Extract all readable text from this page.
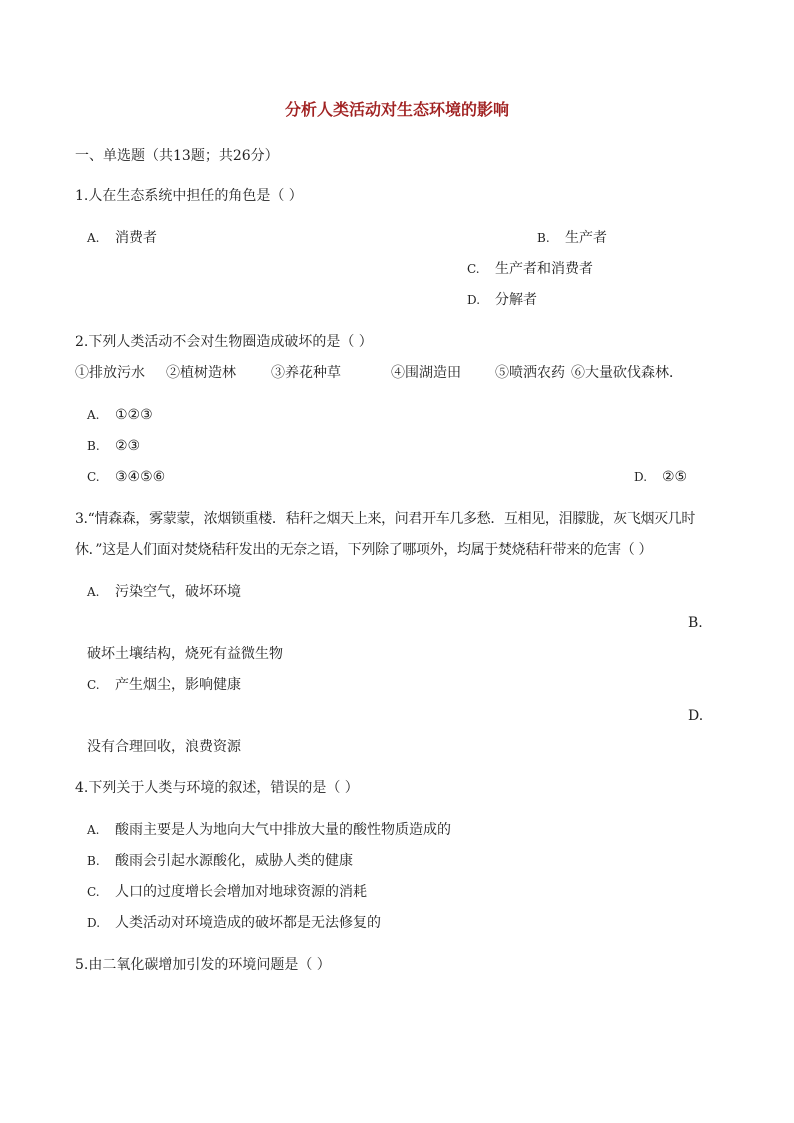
分析人类活动对生态环境的影响
一、单选题（共13题；共26分）
1.人在生态系统中担任的角色是（ ）
A. 消费者	B. 生产者
C. 生产者和消费者
D. 分解者
2.下列人类活动不会对生物圈造成破坏的是（ ）
①排放污水 ②植树造林	③养花种草	④围湖造田 ⑤喷洒农药 ⑥大量砍伐森林．
A. ①②③
B. ②③
C. ③④⑤⑥	D. ②⑤
3.“情森森，雾蒙蒙，浓烟锁重楼．秸秆之烟天上来，问君开车几多愁．互相见，泪朦胧，灰飞烟灭几时
休．”这是人们面对焚烧秸秆发出的无奈之语，下列除了哪项外，均属于焚烧秸秆带来的危害（ ）
A. 污染空气，破坏环境
B.
破坏土壤结构，烧死有益微生物
C. 产生烟尘，影响健康
D.
没有合理回收，浪费资源
4.下列关于人类与环境的叙述，错误的是（ ）
A. 酸雨主要是人为地向大气中排放大量的酸性物质造成的
B. 酸雨会引起水源酸化，威胁人类的健康
C. 人口的过度增长会增加对地球资源的消耗
D. 人类活动对环境造成的破坏都是无法修复的
5.由二氧化碳增加引发的环境问题是（ ）
